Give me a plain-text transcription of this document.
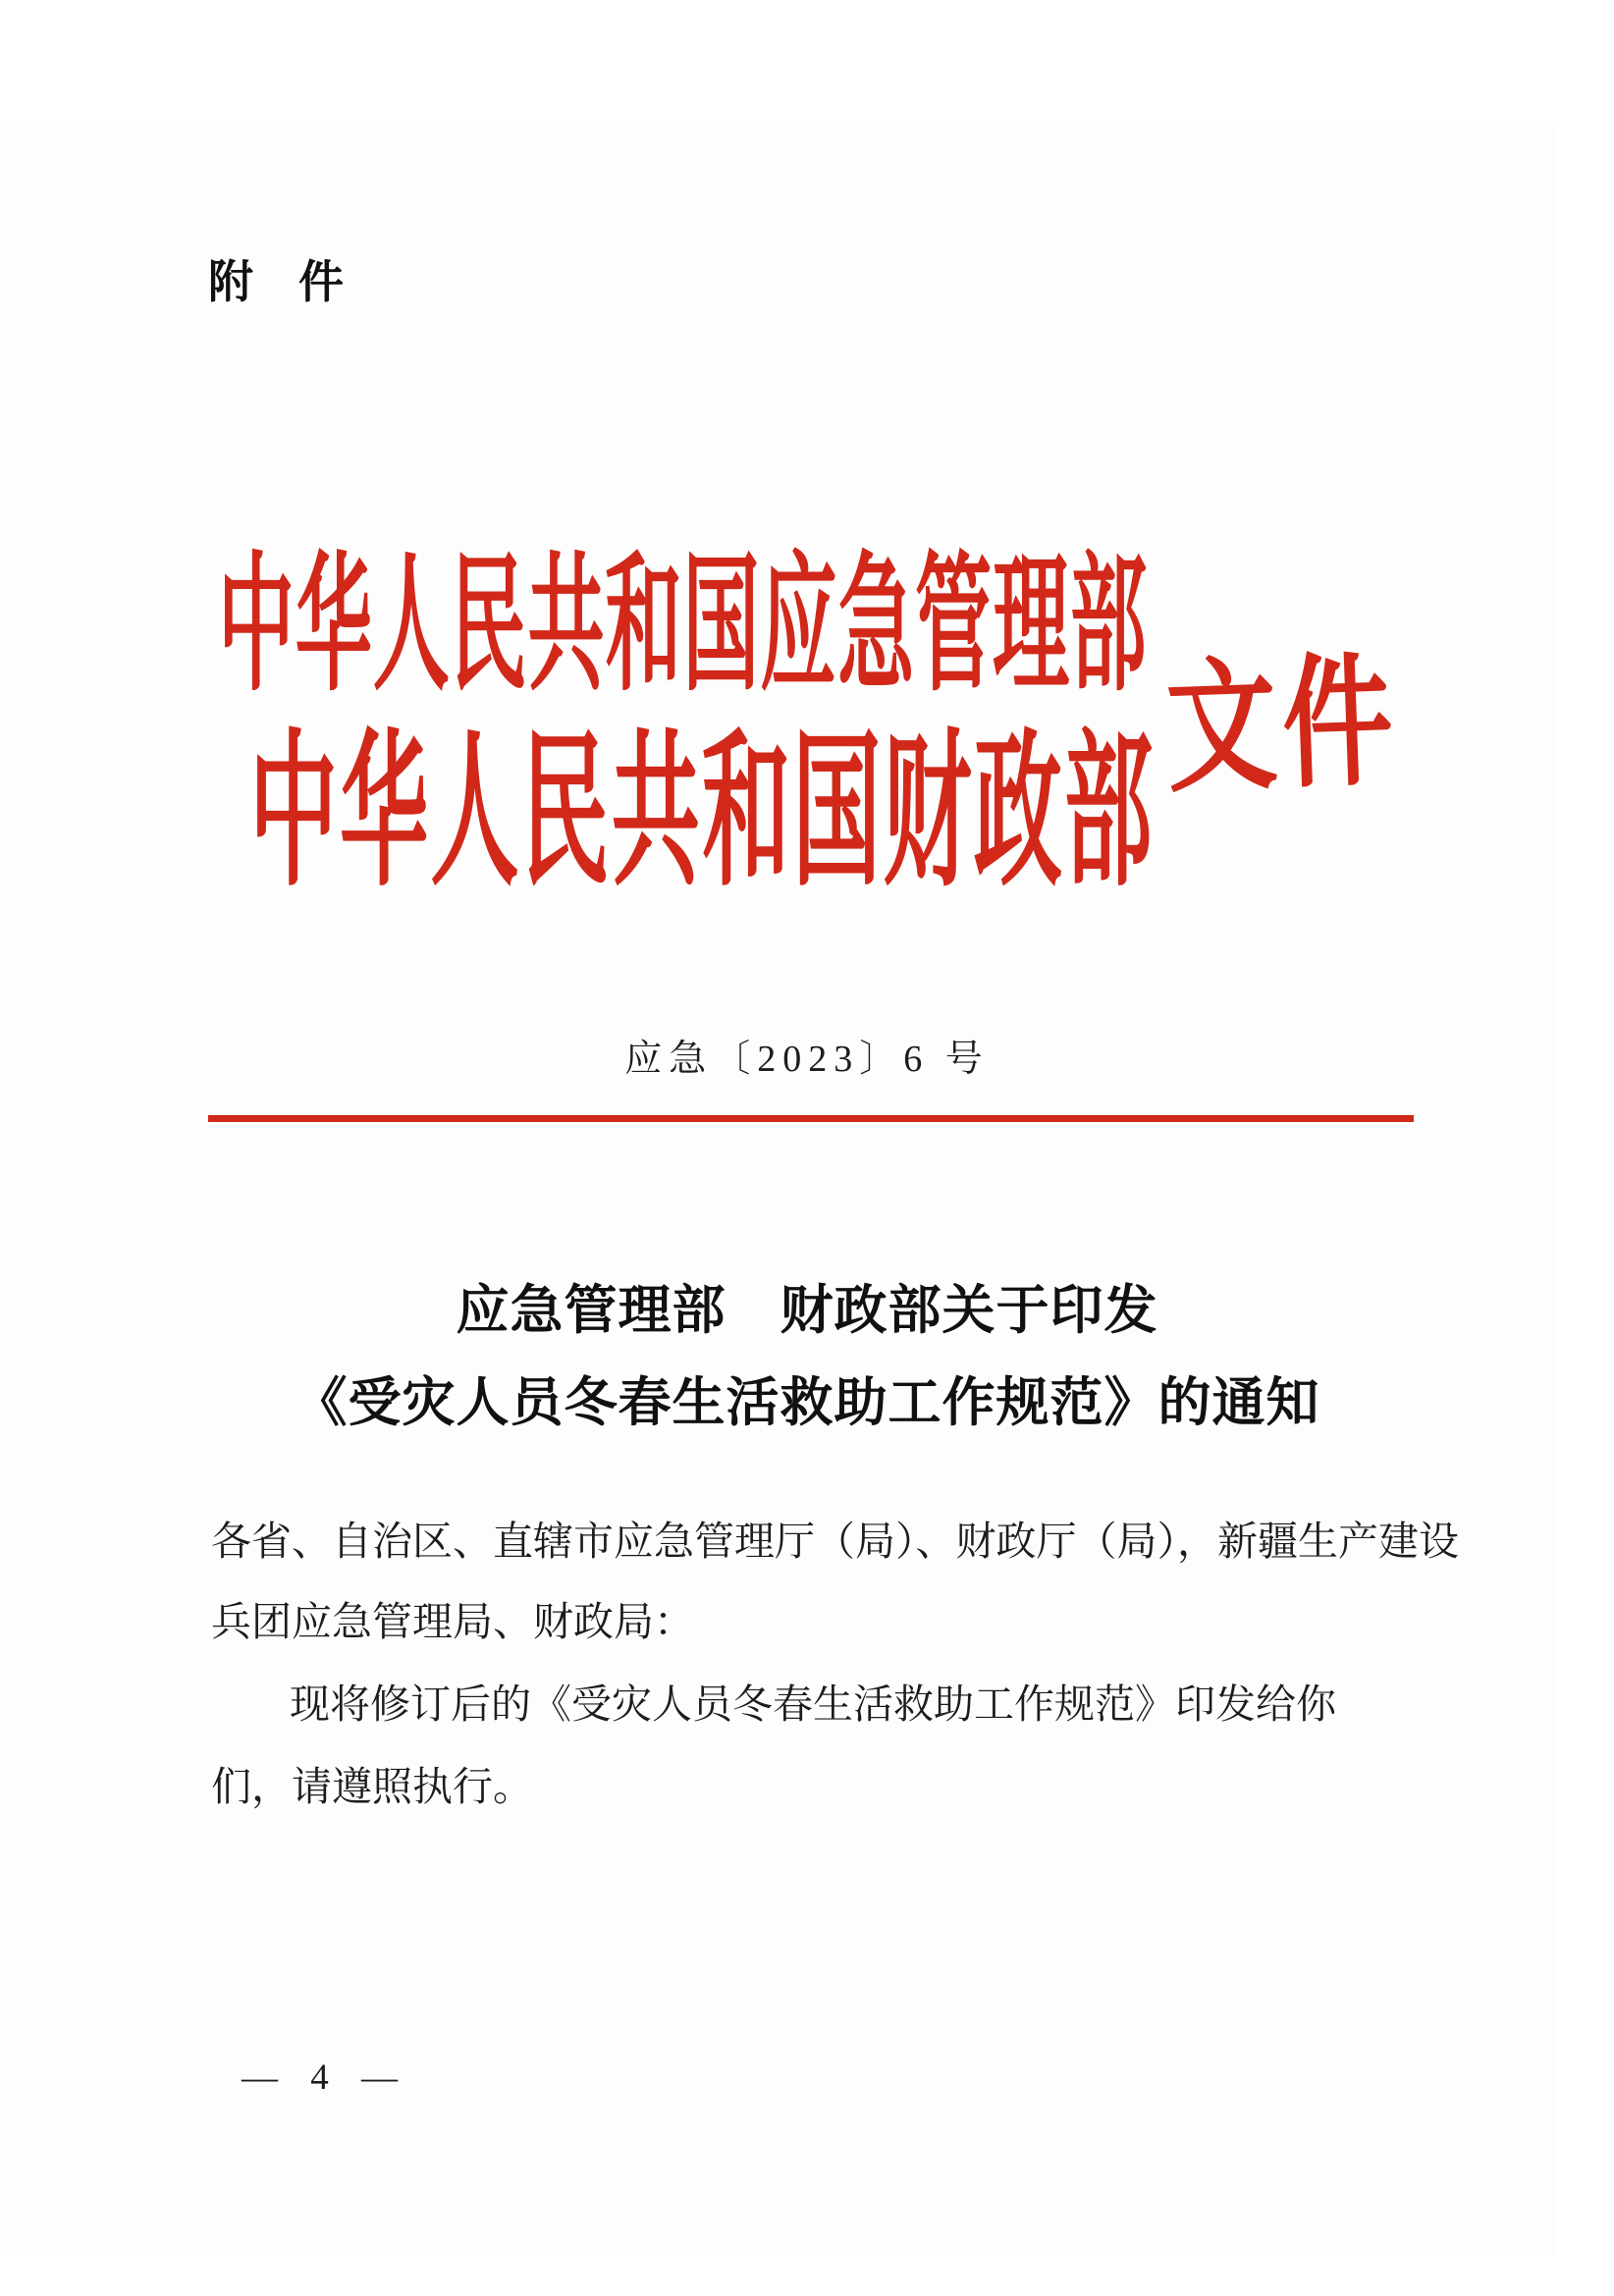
附　件
中华人民共和国应急管理部
中华人民共和国财政部 文件
应急〔2023〕6 号
应急管理部　财政部关于印发
《受灾人员冬春生活救助工作规范》的通知
各省、自治区、直辖市应急管理厅（局）、财政厅（局），新疆生产建设
兵团应急管理局、财政局：
现将修订后的《受灾人员冬春生活救助工作规范》印发给你
们，请遵照执行。
— 4 —
